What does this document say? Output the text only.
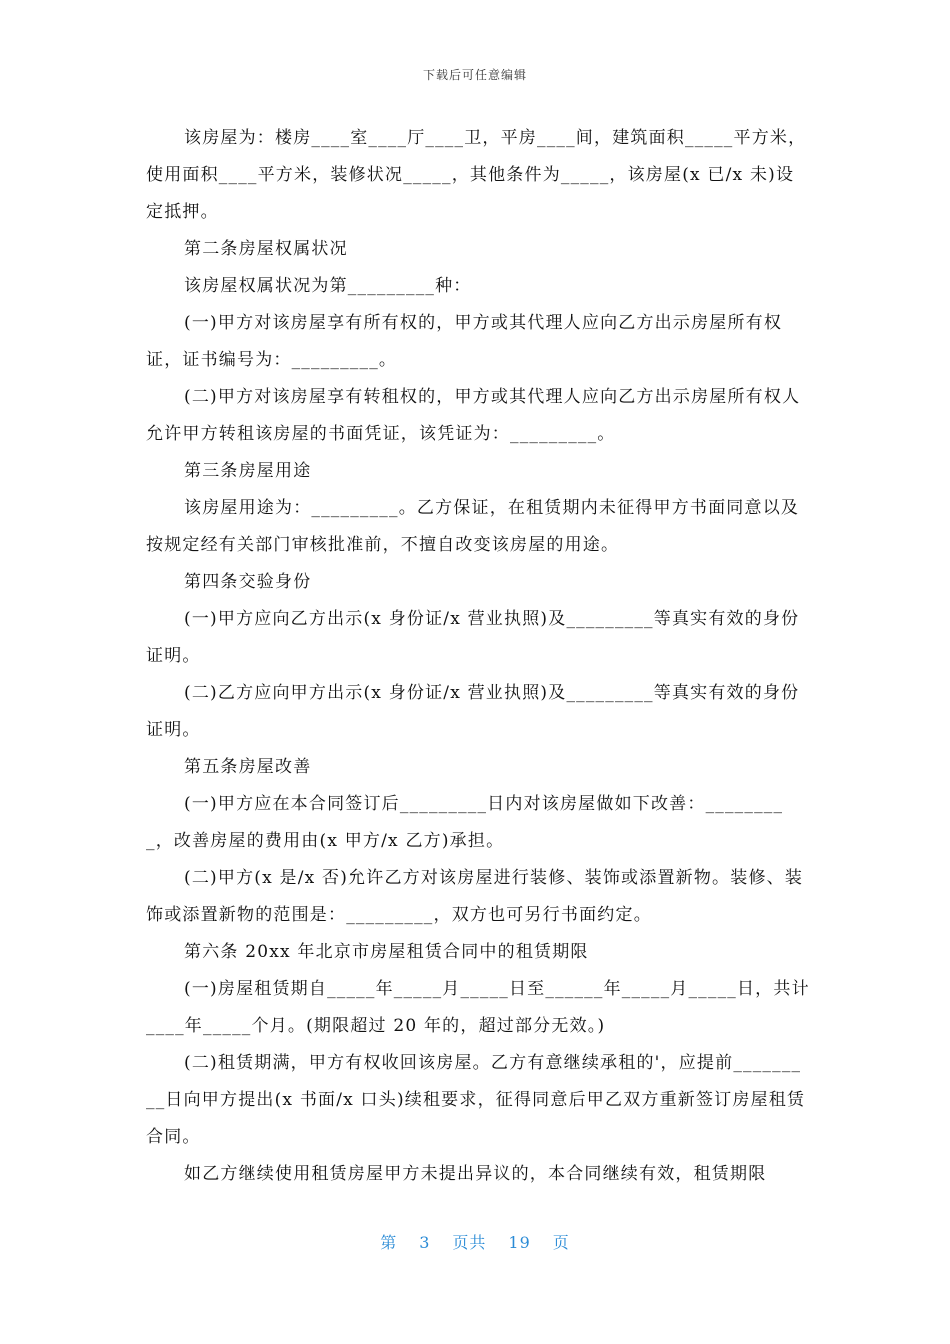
下载后可任意编辑

该房屋为：楼房____室____厅____卫，平房____间，建筑面积_____平方米，使用面积____平方米，装修状况_____，其他条件为_____，该房屋(x 已/x 未)设定抵押。

第二条房屋权属状况

该房屋权属状况为第_________种：

(一)甲方对该房屋享有所有权的，甲方或其代理人应向乙方出示房屋所有权证，证书编号为：_________。

(二)甲方对该房屋享有转租权的，甲方或其代理人应向乙方出示房屋所有权人允许甲方转租该房屋的书面凭证，该凭证为：_________。

第三条房屋用途

该房屋用途为：_________。乙方保证，在租赁期内未征得甲方书面同意以及按规定经有关部门审核批准前，不擅自改变该房屋的用途。

第四条交验身份

(一)甲方应向乙方出示(x 身份证/x 营业执照)及_________等真实有效的身份证明。

(二)乙方应向甲方出示(x 身份证/x 营业执照)及_________等真实有效的身份证明。

第五条房屋改善

(一)甲方应在本合同签订后_________日内对该房屋做如下改善：_________，改善房屋的费用由(x 甲方/x 乙方)承担。

(二)甲方(x 是/x 否)允许乙方对该房屋进行装修、装饰或添置新物。装修、装饰或添置新物的范围是：_________，双方也可另行书面约定。

第六条 20xx 年北京市房屋租赁合同中的租赁期限

(一)房屋租赁期自_____年_____月_____日至______年_____月_____日，共计____年_____个月。(期限超过 20 年的，超过部分无效。)

(二)租赁期满，甲方有权收回该房屋。乙方有意继续承租的'，应提前_________日向甲方提出(x 书面/x 口头)续租要求，征得同意后甲乙双方重新签订房屋租赁合同。

如乙方继续使用租赁房屋甲方未提出异议的，本合同继续有效，租赁期限

第 3 页共 19 页
